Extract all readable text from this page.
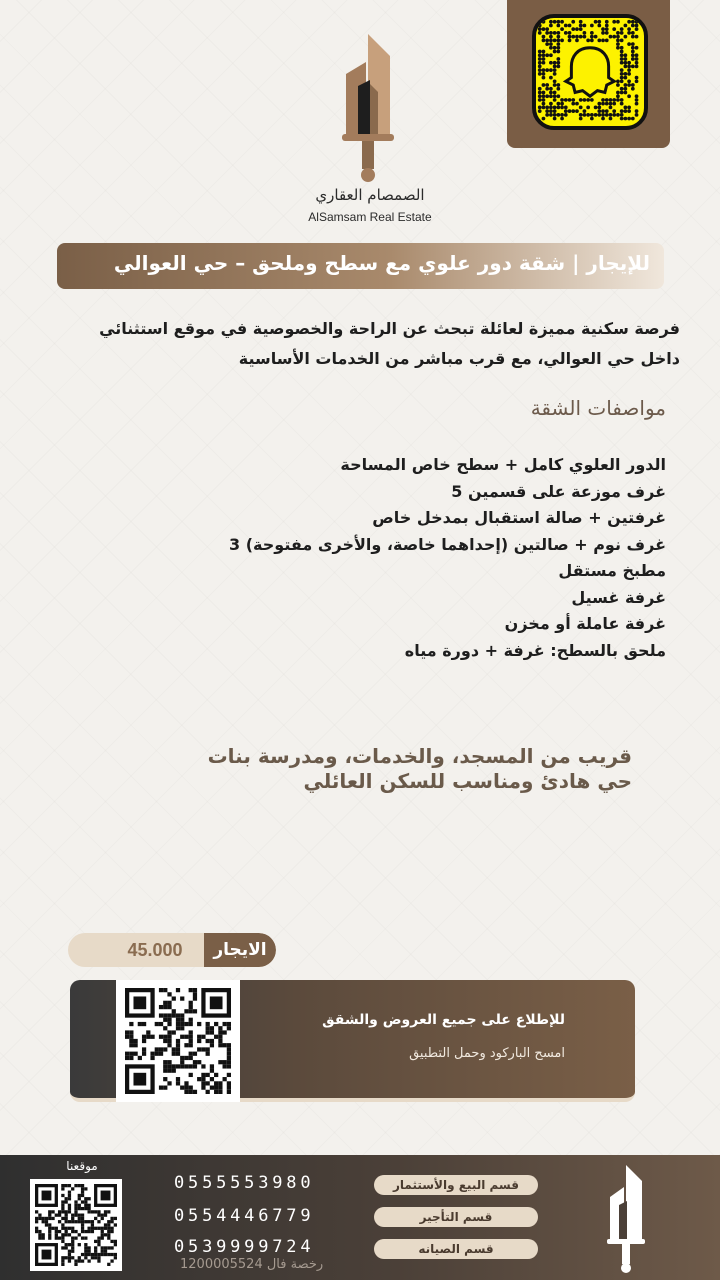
الصمصام العقاري
AlSamsam Real Estate
للإيجار | شقة دور علوي مع سطح وملحق – حي العوالي
فرصة سكنية مميزة لعائلة تبحث عن الراحة والخصوصية في موقع استثنائي
داخل حي العوالي، مع قرب مباشر من الخدمات الأساسية
مواصفات الشقة
الدور العلوي كامل + سطح خاص المساحة
غرف موزعة على قسمين 5
غرفتين + صالة استقبال بمدخل خاص
غرف نوم + صالتين (إحداهما خاصة، والأخرى مفتوحة) 3
مطبخ مستقل
غرفة غسيل
غرفة عاملة أو مخزن
ملحق بالسطح: غرفة + دورة مياه
قريب من المسجد، والخدمات، ومدرسة بنات
حي هادئ ومناسب للسكن العائلي
45.000	الايجار
للإطلاع على جميع العروض والشقق
امسح الباركود وحمل التطبيق
موقعنا
0555553980
0554446779
0539999724
قسم البيع والأستثمار
قسم التأجير
قسم الصيانه
رخصة فال 1200005524
